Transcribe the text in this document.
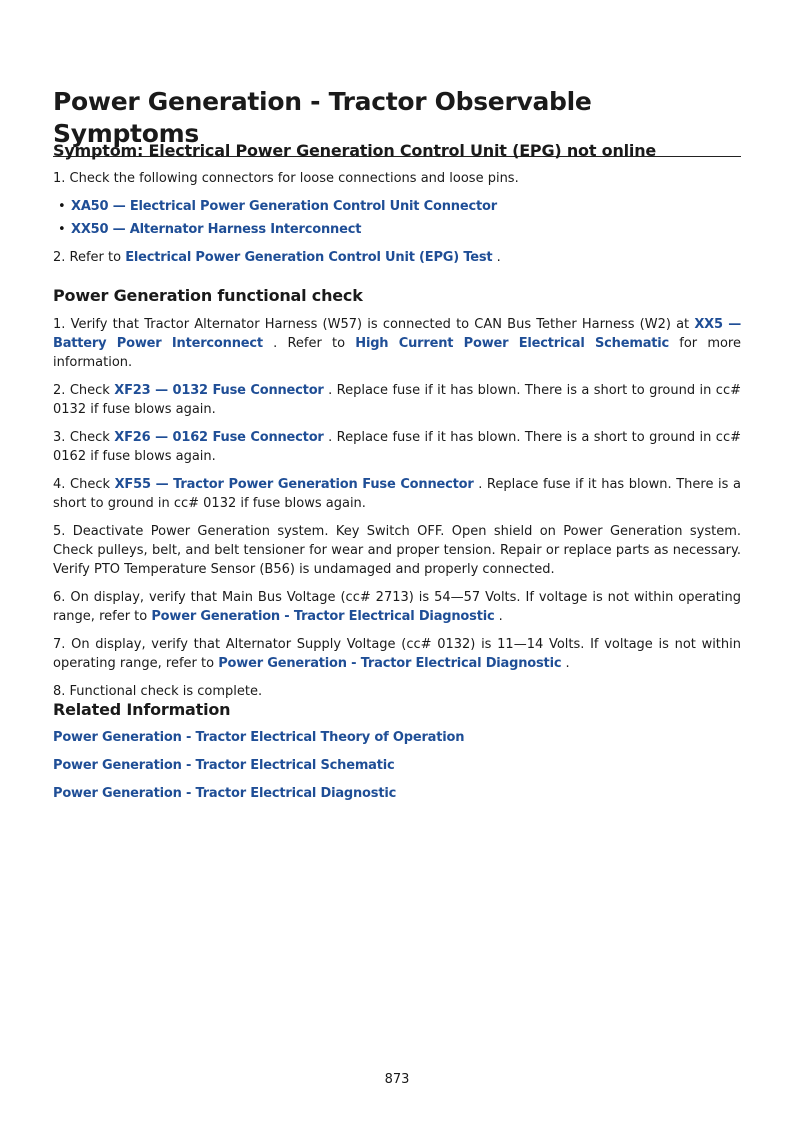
Power Generation - Tractor Observable Symptoms
Symptom: Electrical Power Generation Control Unit (EPG) not online

1. Check the following connectors for loose connections and loose pins.

• XA50 — Electrical Power Generation Control Unit Connector
• XX50 — Alternator Harness Interconnect

2. Refer to Electrical Power Generation Control Unit (EPG) Test .

Power Generation functional check

1. Verify that Tractor Alternator Harness (W57) is connected to CAN Bus Tether Harness (W2) at XX5 — Battery Power Interconnect . Refer to High Current Power Electrical Schematic for more information.

2. Check XF23 — 0132 Fuse Connector . Replace fuse if it has blown. There is a short to ground in cc# 0132 if fuse blows again.

3. Check XF26 — 0162 Fuse Connector . Replace fuse if it has blown. There is a short to ground in cc# 0162 if fuse blows again.

4. Check XF55 — Tractor Power Generation Fuse Connector . Replace fuse if it has blown. There is a short to ground in cc# 0132 if fuse blows again.

5. Deactivate Power Generation system. Key Switch OFF. Open shield on Power Generation system. Check pulleys, belt, and belt tensioner for wear and proper tension. Repair or replace parts as necessary. Verify PTO Temperature Sensor (B56) is undamaged and properly connected.

6. On display, verify that Main Bus Voltage (cc# 2713) is 54—57 Volts. If voltage is not within operating range, refer to Power Generation - Tractor Electrical Diagnostic .

7. On display, verify that Alternator Supply Voltage (cc# 0132) is 11—14 Volts. If voltage is not within operating range, refer to Power Generation - Tractor Electrical Diagnostic .

8. Functional check is complete.

Related Information
Power Generation - Tractor Electrical Theory of Operation
Power Generation - Tractor Electrical Schematic
Power Generation - Tractor Electrical Diagnostic
873
